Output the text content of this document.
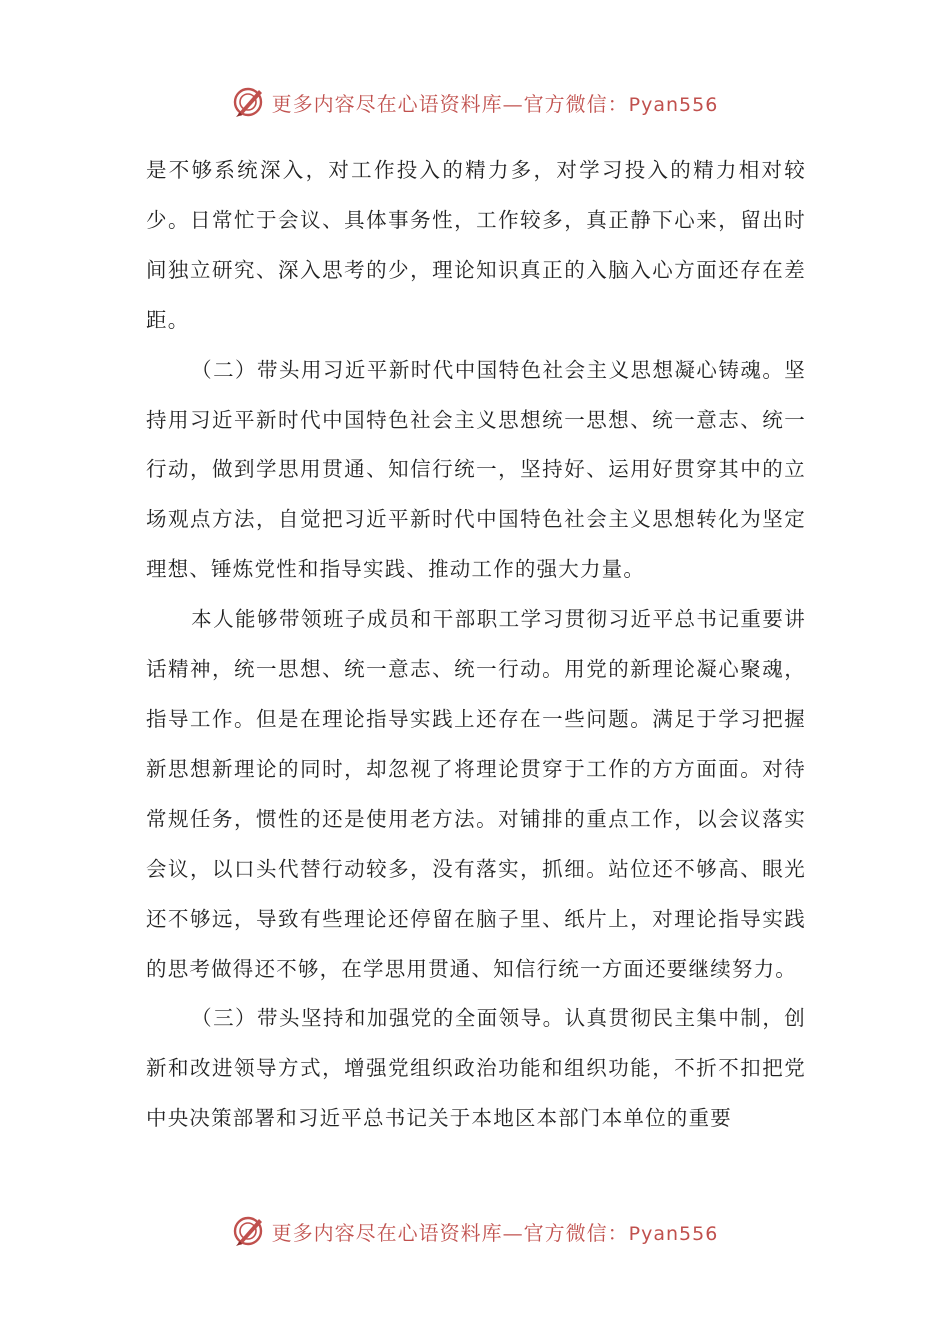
更多内容尽在心语资料库—官方微信：Pyan556

是不够系统深入，对工作投入的精力多，对学习投入的精力相对较少。日常忙于会议、具体事务性，工作较多，真正静下心来，留出时间独立研究、深入思考的少，理论知识真正的入脑入心方面还存在差距。

（二）带头用习近平新时代中国特色社会主义思想凝心铸魂。坚持用习近平新时代中国特色社会主义思想统一思想、统一意志、统一行动，做到学思用贯通、知信行统一，坚持好、运用好贯穿其中的立场观点方法，自觉把习近平新时代中国特色社会主义思想转化为坚定理想、锤炼党性和指导实践、推动工作的强大力量。

本人能够带领班子成员和干部职工学习贯彻习近平总书记重要讲话精神，统一思想、统一意志、统一行动。用党的新理论凝心聚魂，指导工作。但是在理论指导实践上还存在一些问题。满足于学习把握新思想新理论的同时，却忽视了将理论贯穿于工作的方方面面。对待常规任务，惯性的还是使用老方法。对铺排的重点工作，以会议落实会议，以口头代替行动较多，没有落实，抓细。站位还不够高、眼光还不够远，导致有些理论还停留在脑子里、纸片上，对理论指导实践的思考做得还不够，在学思用贯通、知信行统一方面还要继续努力。

（三）带头坚持和加强党的全面领导。认真贯彻民主集中制，创新和改进领导方式，增强党组织政治功能和组织功能，不折不扣把党中央决策部署和习近平总书记关于本地区本部门本单位的重要

更多内容尽在心语资料库—官方微信：Pyan556
